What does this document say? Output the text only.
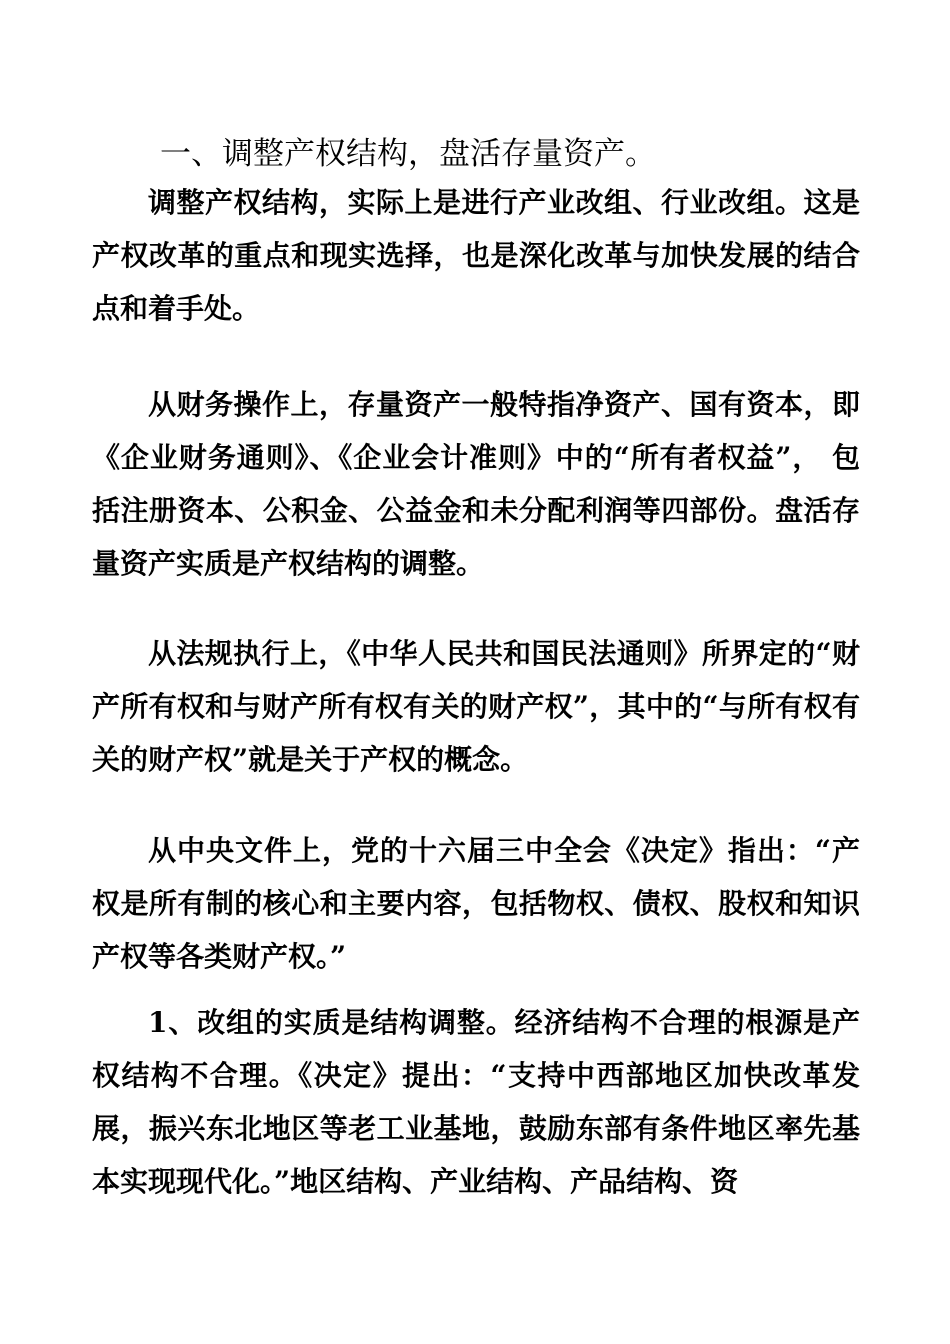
一、调整产权结构，盘活存量资产。

调整产权结构，实际上是进行产业改组、行业改组。这是产权改革的重点和现实选择，也是深化改革与加快发展的结合点和着手处。

从财务操作上，存量资产一般特指净资产、国有资本，即《企业财务通则》、《企业会计准则》中的“所有者权益”， 包括注册资本、公积金、公益金和未分配利润等四部份。盘活存量资产实质是产权结构的调整。

从法规执行上，《中华人民共和国民法通则》所界定的“财产所有权和与财产所有权有关的财产权”，其中的“与所有权有关的财产权”就是关于产权的概念。

从中央文件上，党的十六届三中全会《决定》指出：“产权是所有制的核心和主要内容，包括物权、债权、股权和知识产权等各类财产权。”

1、改组的实质是结构调整。经济结构不合理的根源是产权结构不合理。《决定》提出：“支持中西部地区加快改革发展，振兴东北地区等老工业基地，鼓励东部有条件地区率先基本实现现代化。”地区结构、产业结构、产品结构、资
